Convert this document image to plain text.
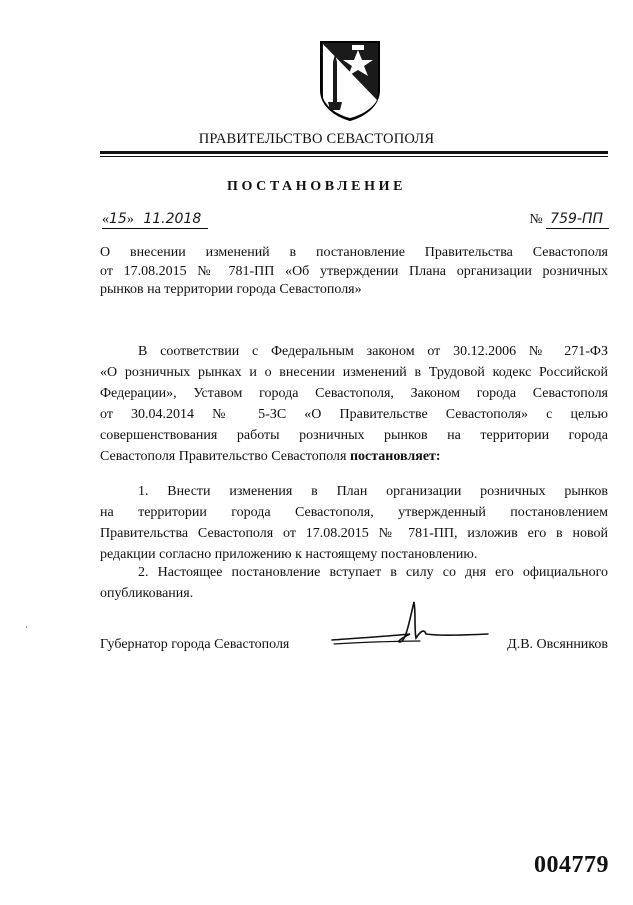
ПРАВИТЕЛЬСТВО СЕВАСТОПОЛЯ
ПОСТАНОВЛЕНИЕ
«15» 11.2018	№ 759-ПП
О внесении изменений в постановление Правительства Севастополя
от 17.08.2015 № 781-ПП «Об утверждении Плана организации розничных
рынков на территории города Севастополя»
В соответствии с Федеральным законом от 30.12.2006 № 271-ФЗ
«О розничных рынках и о внесении изменений в Трудовой кодекс Российской
Федерации», Уставом города Севастополя, Законом города Севастополя
от 30.04.2014 № 5-ЗС «О Правительстве Севастополя» с целью
совершенствования работы розничных рынков на территории города
Севастополя Правительство Севастополя постановляет:
1. Внести изменения в План организации розничных рынков
на территории города Севастополя, утвержденный постановлением
Правительства Севастополя от 17.08.2015 № 781-ПП, изложив его в новой
редакции согласно приложению к настоящему постановлению.
2. Настоящее постановление вступает в силу со дня его официального
опубликования.
Губернатор города Севастополя	Д.В. Овсянников
004779
